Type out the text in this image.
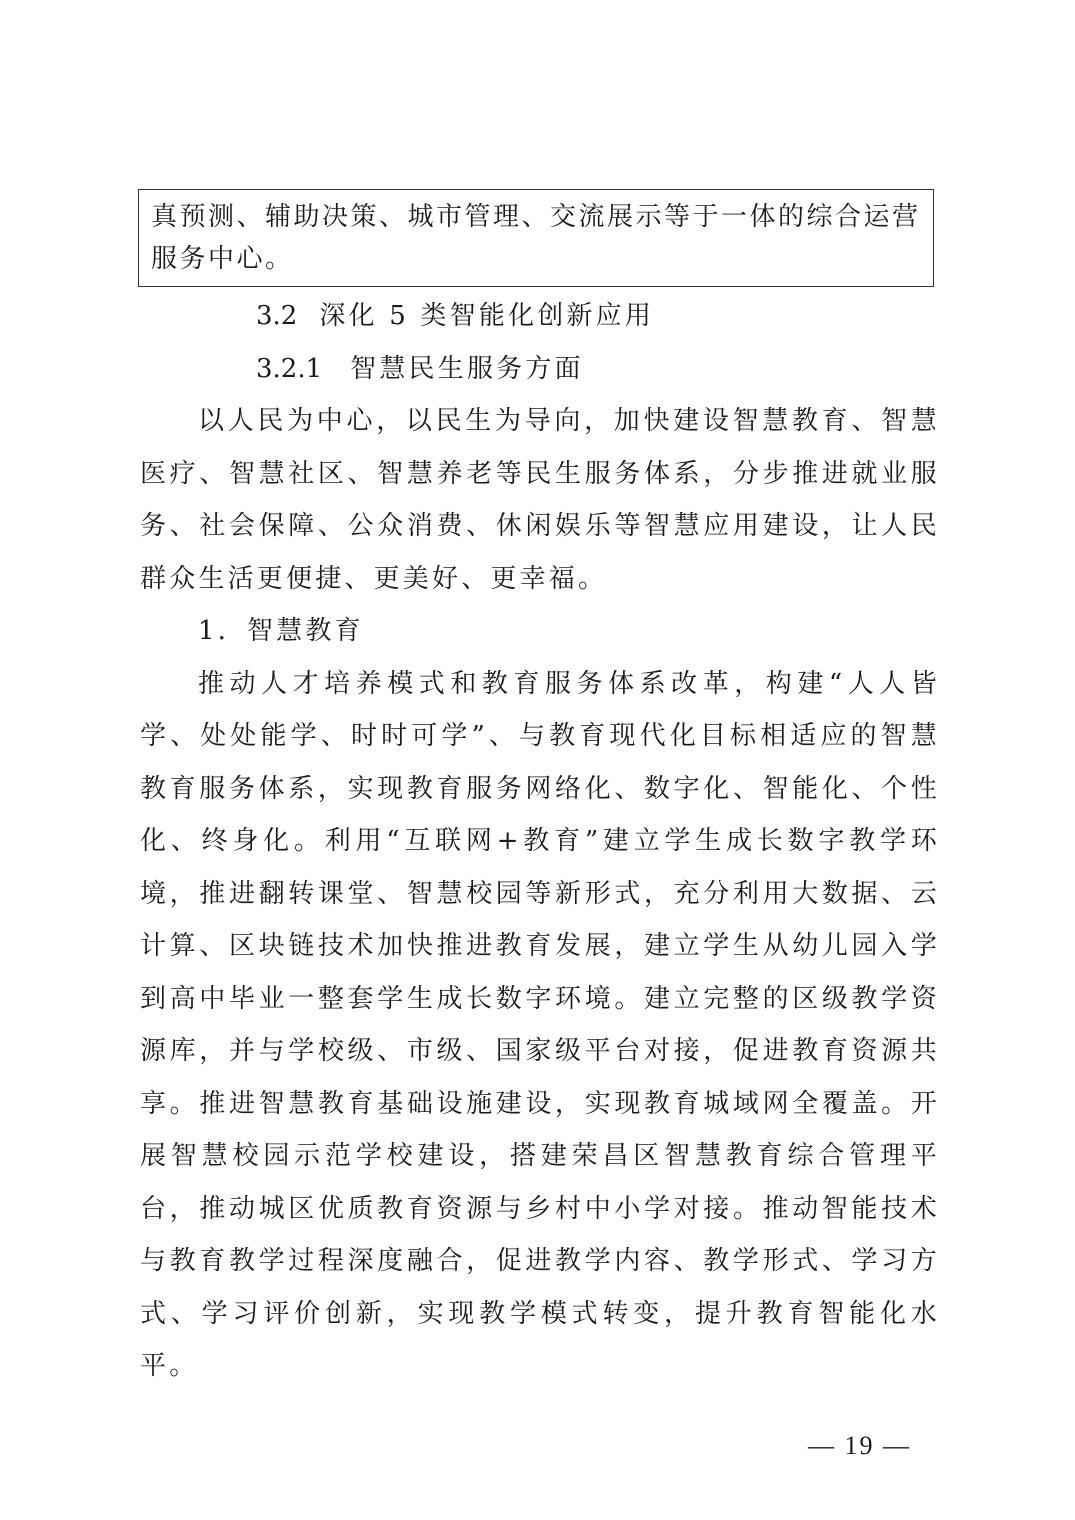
真预测、辅助决策、城市管理、交流展示等于一体的综合运营服务中心。

3.2 深化 5 类智能化创新应用

3.2.1 智慧民生服务方面

以人民为中心，以民生为导向，加快建设智慧教育、智慧医疗、智慧社区、智慧养老等民生服务体系，分步推进就业服务、社会保障、公众消费、休闲娱乐等智慧应用建设，让人民群众生活更便捷、更美好、更幸福。

1．智慧教育

推动人才培养模式和教育服务体系改革，构建“人人皆学、处处能学、时时可学”、与教育现代化目标相适应的智慧教育服务体系，实现教育服务网络化、数字化、智能化、个性化、终身化。利用“互联网+教育”建立学生成长数字教学环境，推进翻转课堂、智慧校园等新形式，充分利用大数据、云计算、区块链技术加快推进教育发展，建立学生从幼儿园入学到高中毕业一整套学生成长数字环境。建立完整的区级教学资源库，并与学校级、市级、国家级平台对接，促进教育资源共享。推进智慧教育基础设施建设，实现教育城域网全覆盖。开展智慧校园示范学校建设，搭建荣昌区智慧教育综合管理平台，推动城区优质教育资源与乡村中小学对接。推动智能技术与教育教学过程深度融合，促进教学内容、教学形式、学习方式、学习评价创新，实现教学模式转变，提升教育智能化水平。

— 19 —
